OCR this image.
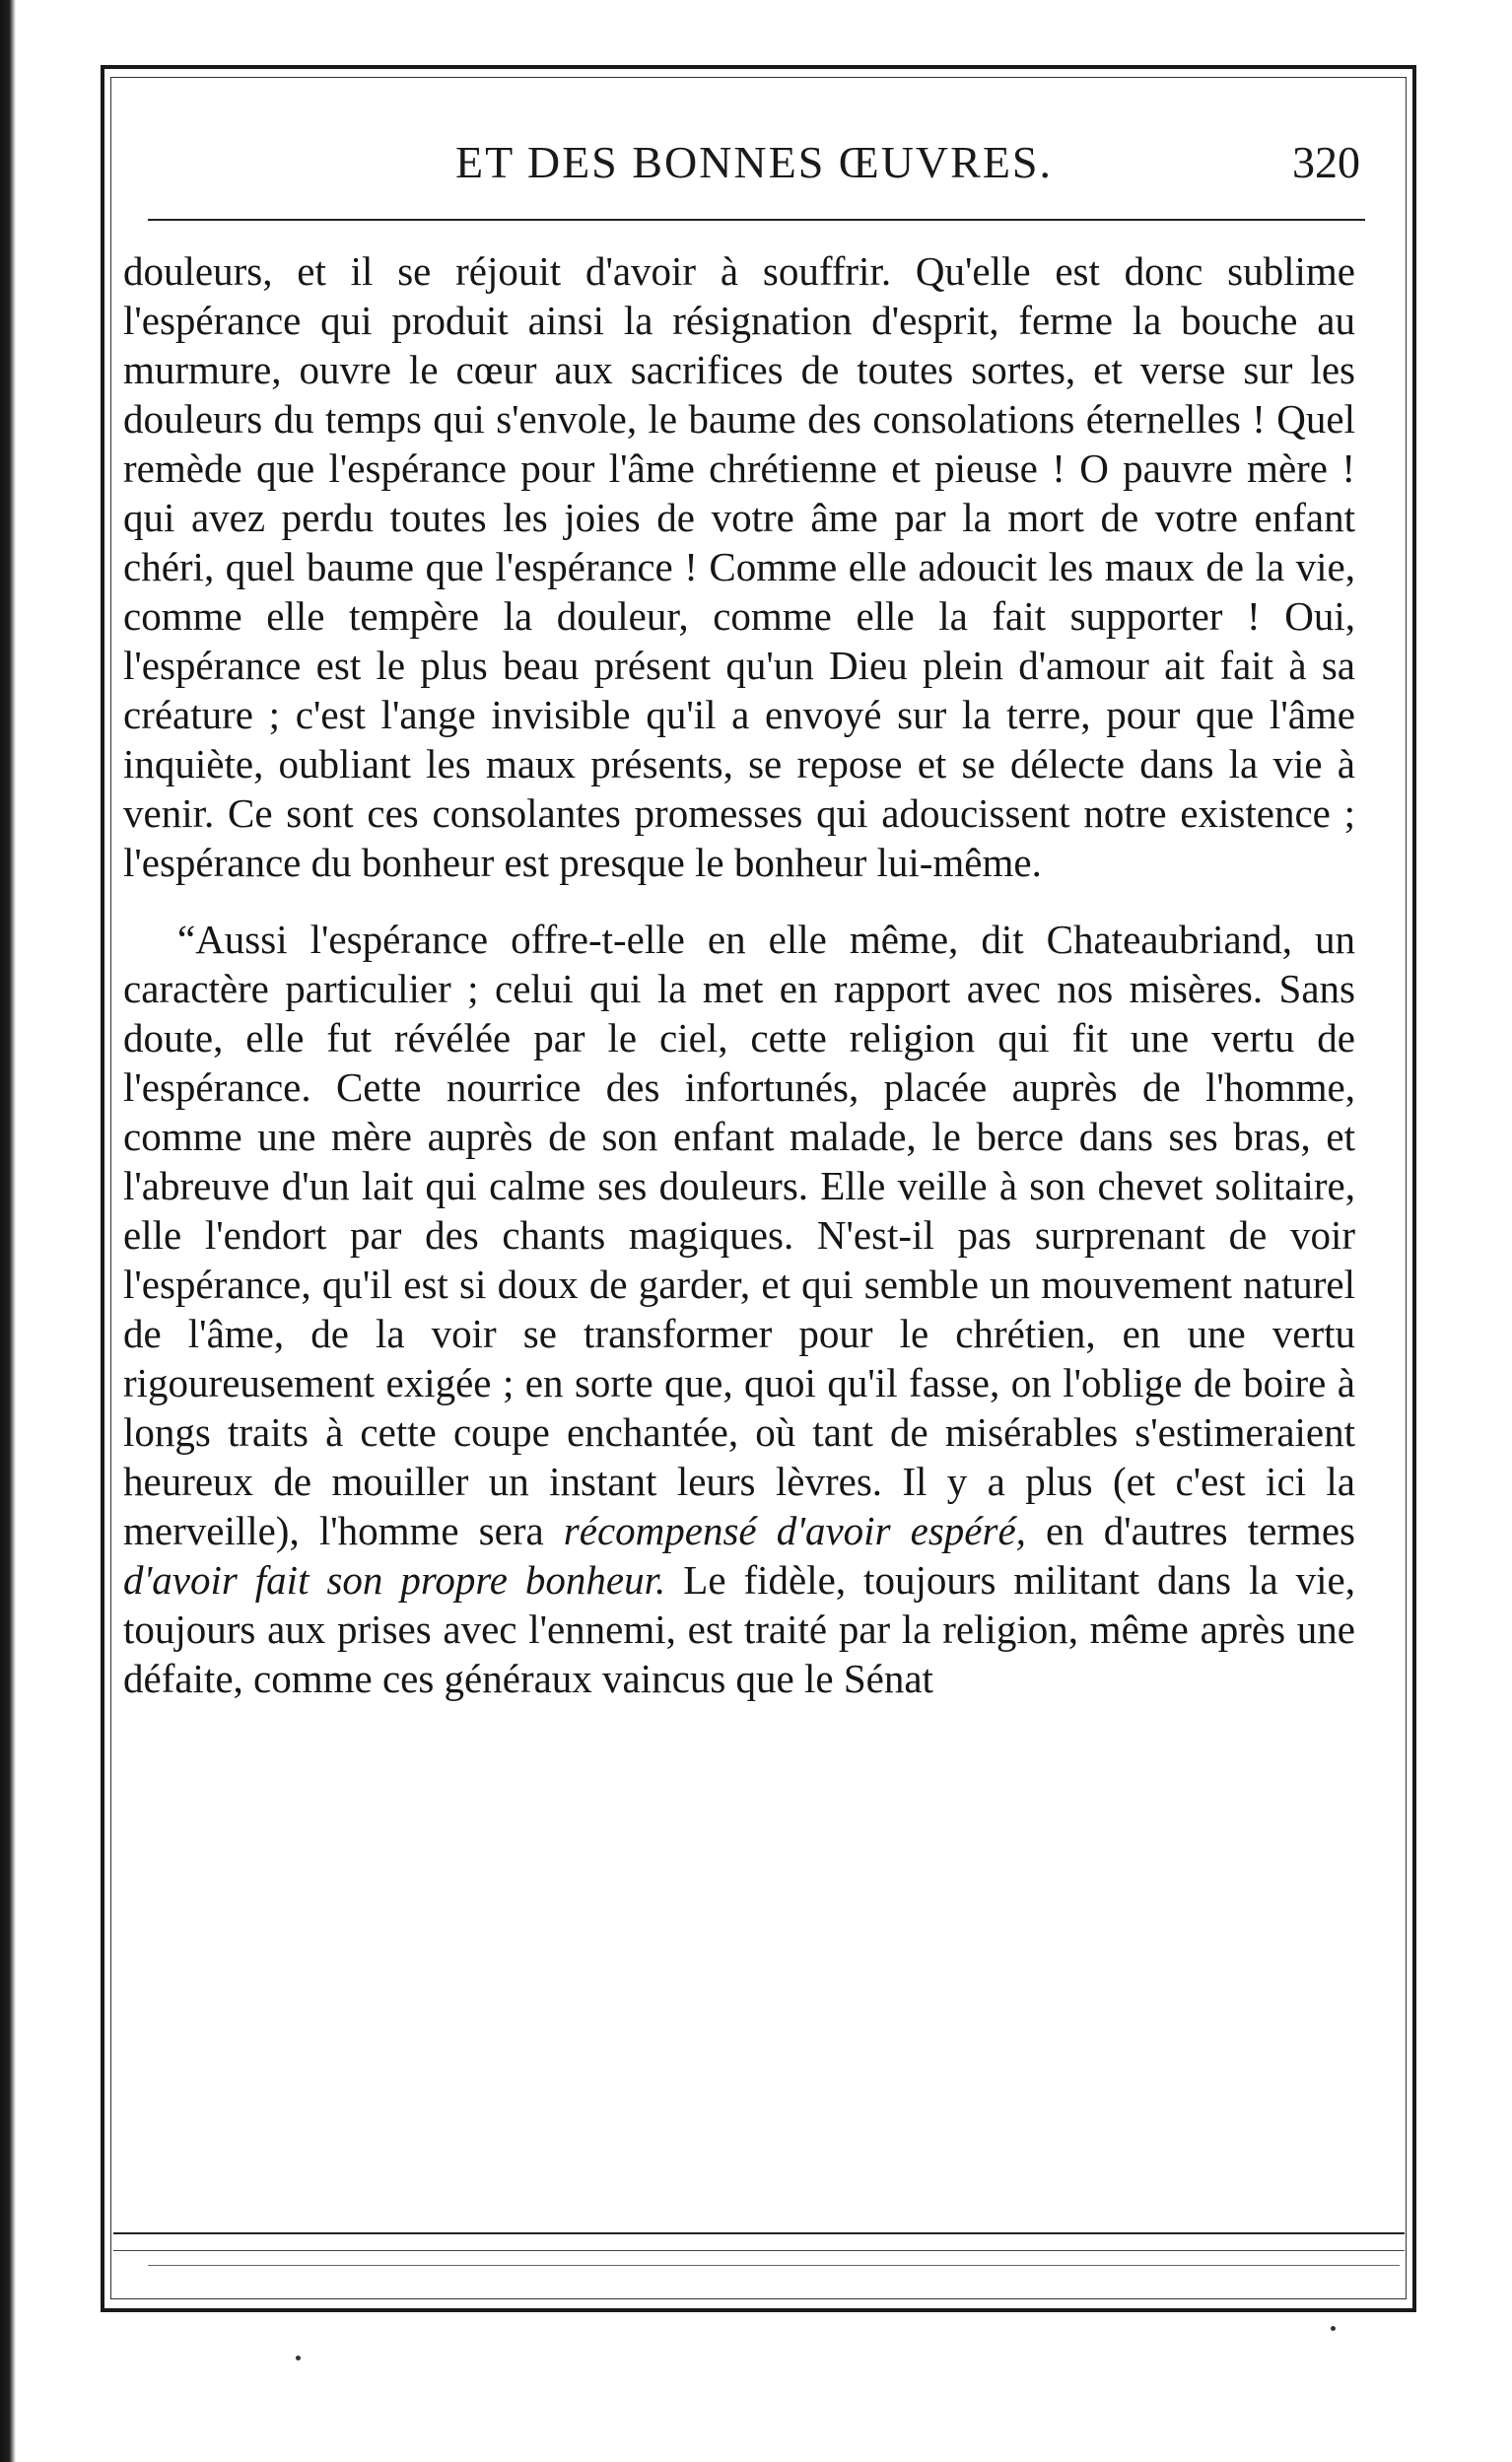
ET DES BONNES ŒUVRES.	320

douleurs, et il se réjouit d'avoir à souffrir. Qu'elle est donc sublime l'espérance qui produit ainsi la résignation d'esprit, ferme la bouche au murmure, ouvre le cœur aux sacrifices de toutes sortes, et verse sur les douleurs du temps qui s'envole, le baume des consolations éternelles ! Quel remède que l'espérance pour l'âme chrétienne et pieuse ! O pauvre mère ! qui avez perdu toutes les joies de votre âme par la mort de votre enfant chéri, quel baume que l'espérance ! Comme elle adoucit les maux de la vie, comme elle tempère la douleur, comme elle la fait supporter ! Oui, l'espérance est le plus beau présent qu'un Dieu plein d'amour ait fait à sa créature ; c'est l'ange invisible qu'il a envoyé sur la terre, pour que l'âme inquiète, oubliant les maux présents, se repose et se délecte dans la vie à venir. Ce sont ces consolantes promesses qui adoucissent notre existence ; l'espérance du bonheur est presque le bonheur lui-même.

“Aussi l'espérance offre-t-elle en elle même, dit Chateaubriand, un caractère particulier ; celui qui la met en rapport avec nos misères. Sans doute, elle fut révélée par le ciel, cette religion qui fit une vertu de l'espérance. Cette nourrice des infortunés, placée auprès de l'homme, comme une mère auprès de son enfant malade, le berce dans ses bras, et l'abreuve d'un lait qui calme ses douleurs. Elle veille à son chevet solitaire, elle l'endort par des chants magiques. N'est-il pas surprenant de voir l'espérance, qu'il est si doux de garder, et qui semble un mouvement naturel de l'âme, de la voir se transformer pour le chrétien, en une vertu rigoureusement exigée ; en sorte que, quoi qu'il fasse, on l'oblige de boire à longs traits à cette coupe enchantée, où tant de misérables s'estimeraient heureux de mouiller un instant leurs lèvres. Il y a plus (et c'est ici la merveille), l'homme sera récompensé d'avoir espéré, en d'autres termes d'avoir fait son propre bonheur. Le fidèle, toujours militant dans la vie, toujours aux prises avec l'ennemi, est traité par la religion, même après une défaite, comme ces généraux vaincus que le Sénat
